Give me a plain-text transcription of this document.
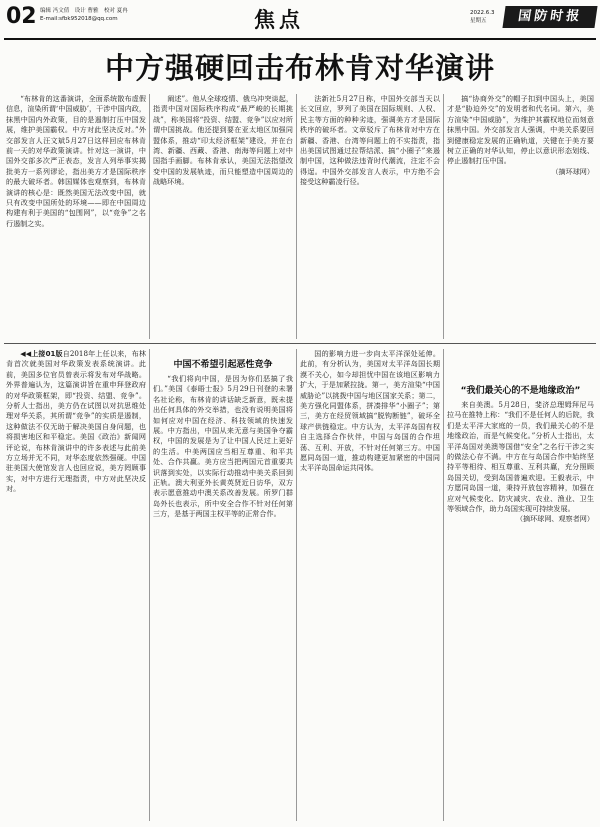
02 编辑 冯文倩　设计 曹雅　校对 夏冉
E-mail:sfbk952018@qq.com	焦点	2022.6.3
星期五	国防时报
中方强硬回击布林肯对华演讲

“布林肯的这番演讲，全面系统散布虚假信息，渲染所谓‘中国威胁’，干涉中国内政，抹黑中国内外政策，目的是遏制打压中国发展，维护美国霸权。中方对此坚决反对。”外交部发言人汪文斌5月27日这样回应布林肯前一天的对华政策演讲。针对这一演讲，中国外交部多次严正表态，发言人列举事实揭批美方一系列谬论，指出美方才是国际秩序的最大破坏者。韩国媒体也观察到，布林肯演讲的核心是：既然美国无法改变中国，就只有改变中国所处的环境——即在中国周边构建有利于美国的“包围网”，以“竞争”之名行遏制之实。

阐述”。他从全球疫情、俄乌冲突谈起，指责中国对国际秩序构成“最严峻的长期挑战”，称美国将“投资、结盟、竞争”以应对所谓中国挑战。他还提到要在亚太地区加强同盟体系，推动“印太经济框架”建设，并在台湾、新疆、西藏、香港、南海等问题上对中国指手画脚。布林肯承认，美国无法指望改变中国的发展轨迹，而只能塑造中国周边的战略环境。

法新社5月27日称，中国外交部当天以长文回应，罗列了美国在国际规则、人权、民主等方面的种种劣迹，强调美方才是国际秩序的破坏者。文章驳斥了布林肯对中方在新疆、香港、台湾等问题上的不实指责，指出美国试图通过拉帮结派、搞“小圈子”来遏制中国，这种做法违背时代潮流，注定不会得逞。中国外交部发言人表示，中方绝不会接受这种霸凌行径。

搞“协商外交”的帽子扣到中国头上，美国才是“胁迫外交”的发明者和代名词。第六，美方渲染“中国威胁”，为维护其霸权地位而刻意抹黑中国。外交部发言人强调，中美关系要回到健康稳定发展的正确轨道，关键在于美方要树立正确的对华认知，停止以意识形态划线、停止遏制打压中国。

（摘环球网）

◀◀上接01版自2018年上任以来，布林肯首次就美国对华政策发表系统演讲。此前，美国多位官员曾表示将发布对华战略。外界普遍认为，这篇演讲旨在重申拜登政府的对华政策框架，即“投资、结盟、竞争”。分析人士指出，美方仍在试图以对抗思维处理对华关系，其所谓“竞争”的实质是遏制，这种做法不仅无助于解决美国自身问题，也将损害地区和平稳定。美国《政治》新闻网评论说，布林肯演讲中的许多表述与此前美方立场并无不同，对华态度依然强硬。中国驻美国大使馆发言人也回应说，美方罔顾事实，对中方进行无理指责，中方对此坚决反对。

中国不希望引起恶性竞争

“我们将向中国，是因为你们恶搞了我们。”美国《泰晤士报》5月29日刊登的未署名社论称，布林肯的讲话缺乏新意，既未提出任何具体的外交举措，也没有说明美国将如何应对中国在经济、科技领域的快速发展。中方指出，中国从来无意与美国争夺霸权，中国的发展是为了让中国人民过上更好的生活。中美两国应当相互尊重、和平共处、合作共赢。美方应当把两国元首重要共识落到实处，以实际行动推动中美关系回到正轨。澳大利亚外长黄英贤近日访华，双方表示愿意推动中澳关系改善发展。所罗门群岛外长也表示，所中安全合作不针对任何第三方，是基于两国主权平等的正常合作。

国的影响力进一步向太平洋深处延伸。此前，有分析认为，美国对太平洋岛国长期漠不关心，如今却担忧中国在该地区影响力扩大，于是加紧拉拢。第一，美方渲染“中国威胁论”以挑拨中国与地区国家关系；第二，美方强化同盟体系，拼凑排华“小圈子”；第三，美方在经贸领域搞“脱钩断链”，破坏全球产供链稳定。中方认为，太平洋岛国有权自主选择合作伙伴，中国与岛国的合作坦荡、互利、开放，不针对任何第三方。中国愿同岛国一道，推动构建更加紧密的中国同太平洋岛国命运共同体。

“我们最关心的不是地缘政治”

来自美澳。5月28日，斐济总理姆拜尼马拉马在推特上称：“我们不是任何人的后院，我们是太平洋大家庭的一员，我们最关心的不是地缘政治，而是气候变化。”分析人士指出，太平洋岛国对美澳等国借“安全”之名行干涉之实的做法心存不满。中方在与岛国合作中始终坚持平等相待、相互尊重、互利共赢，充分照顾岛国关切，受到岛国普遍欢迎。王毅表示，中方愿同岛国一道，秉持开放包容精神，加强在应对气候变化、防灾减灾、农业、渔业、卫生等领域合作，助力岛国实现可持续发展。

（摘环球网、观察者网）
